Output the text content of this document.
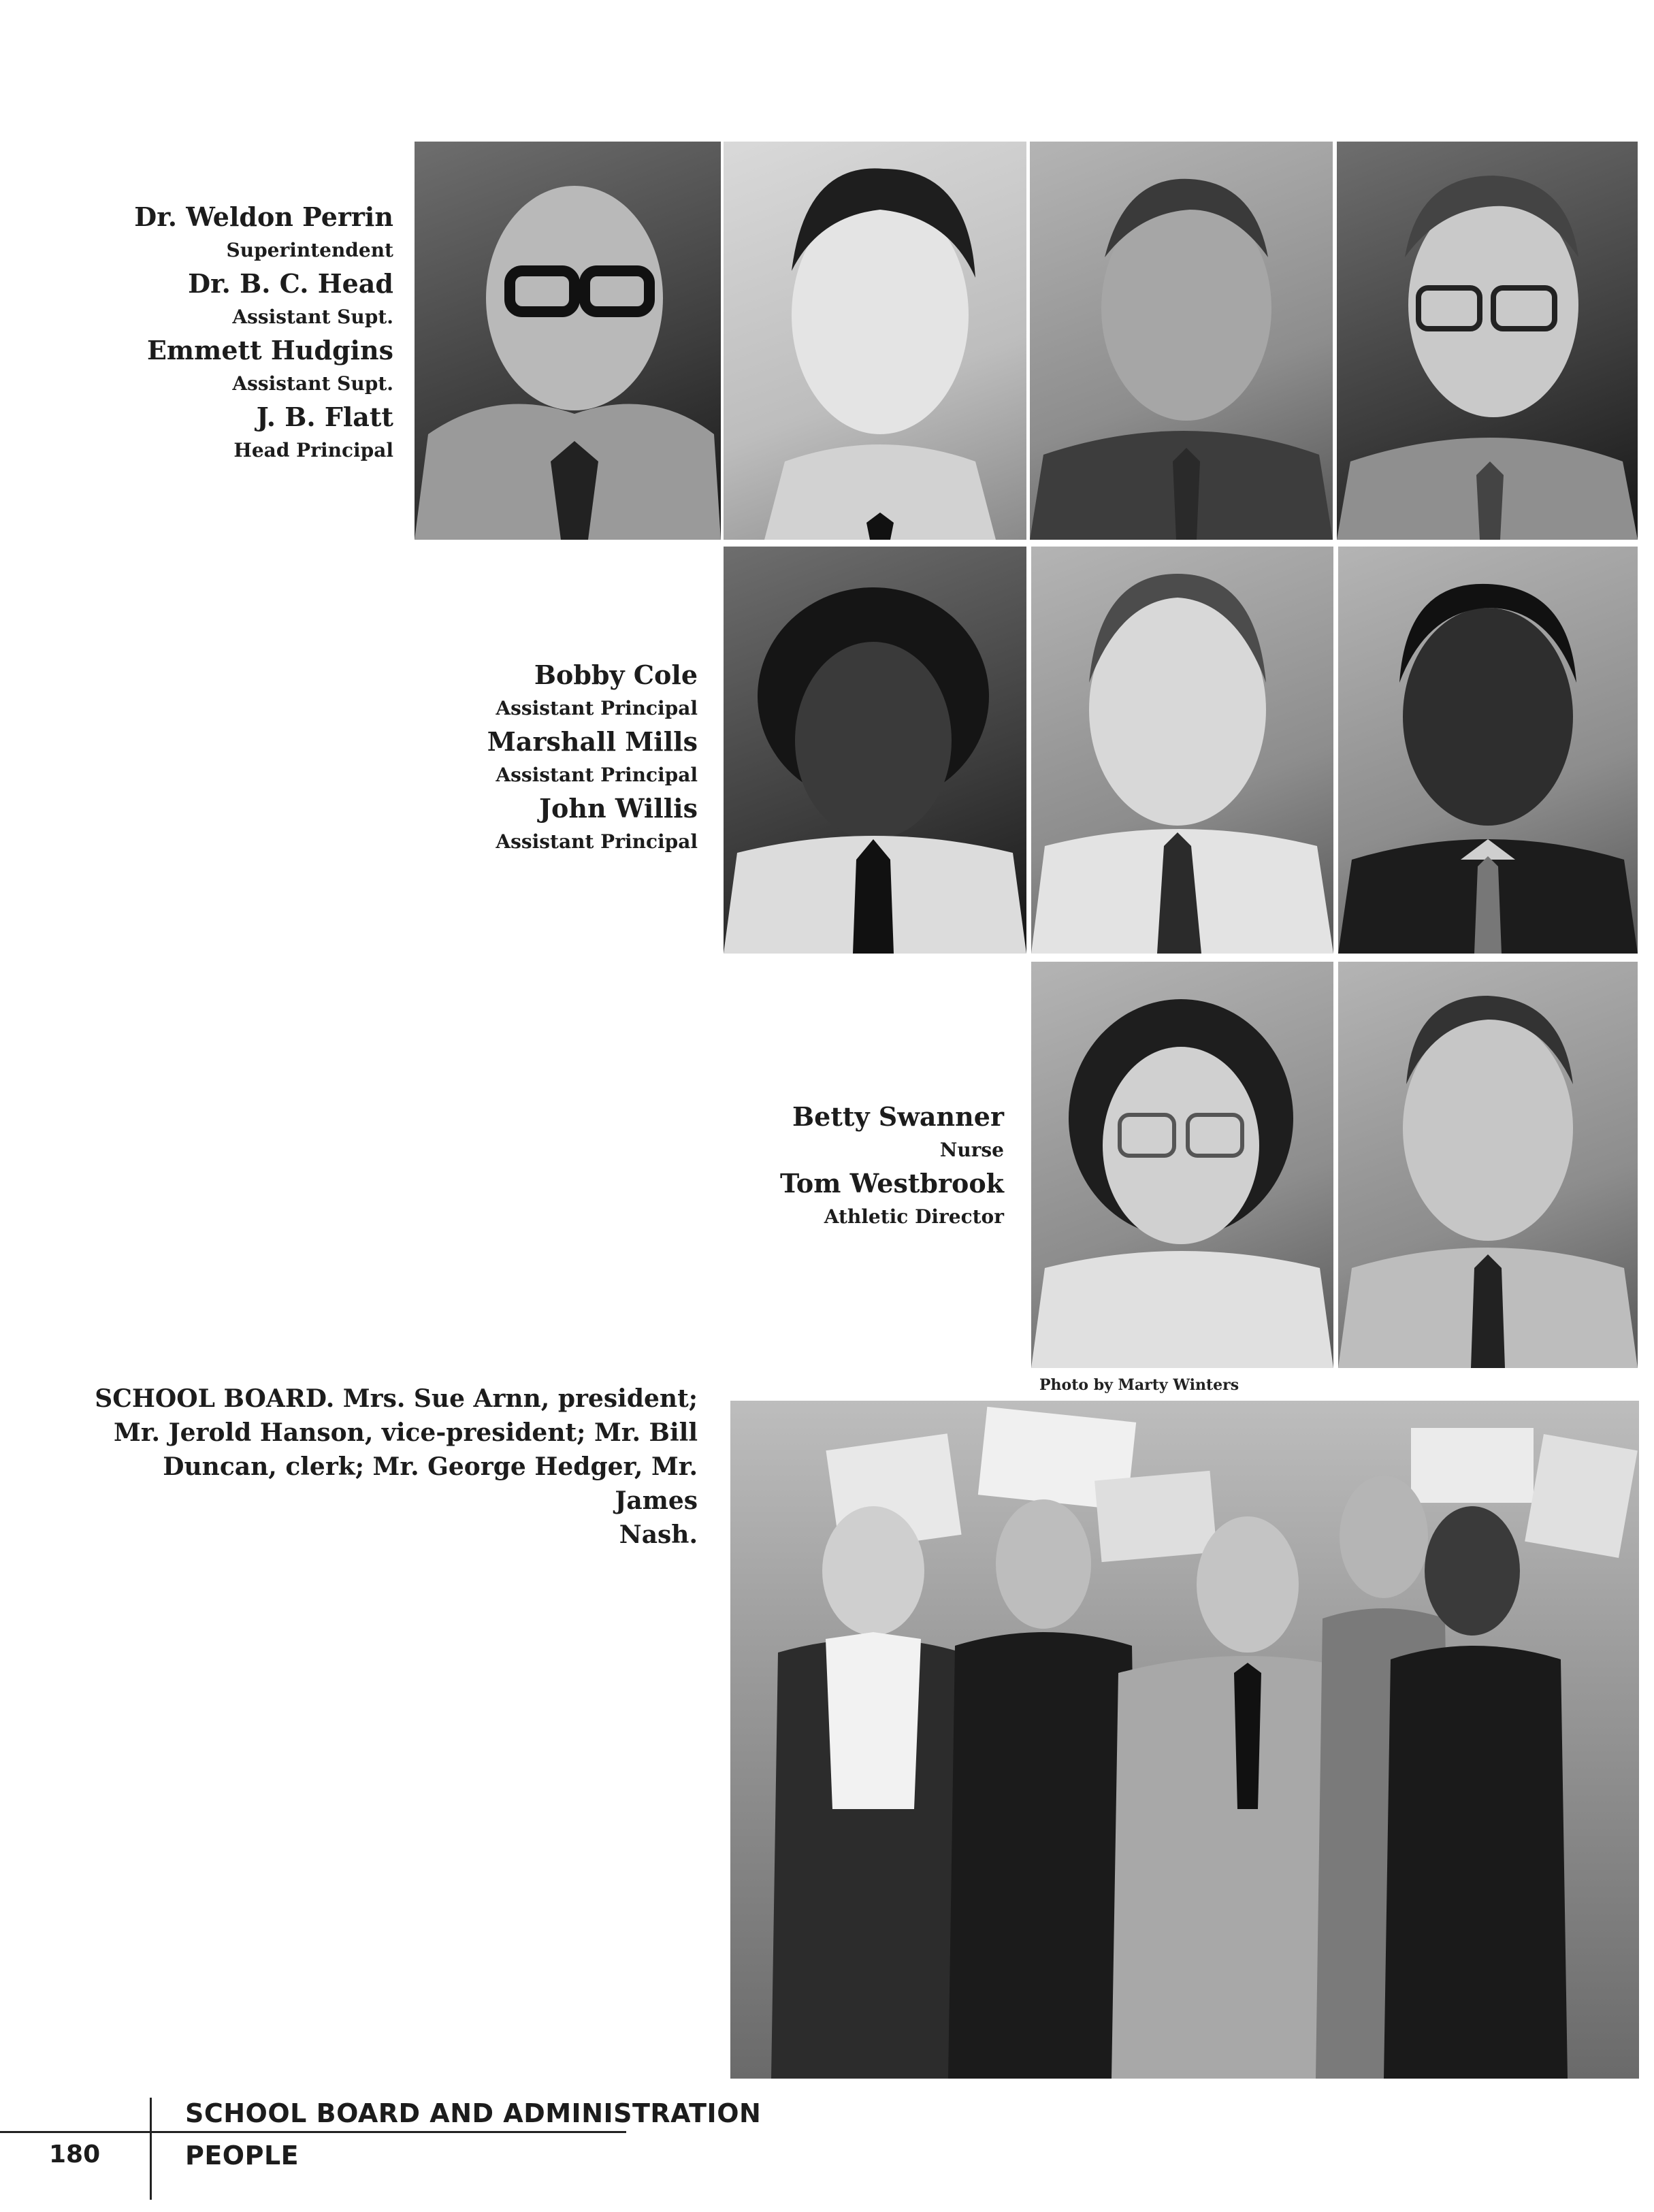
Dr. Weldon Perrin
Superintendent
Dr. B. C. Head
Assistant Supt.
Emmett Hudgins
Assistant Supt.
J. B. Flatt
Head Principal
Bobby Cole
Assistant Principal
Marshall Mills
Assistant Principal
John Willis
Assistant Principal
Betty Swanner
Nurse
Tom Westbrook
Athletic Director
Photo by Marty Winters
SCHOOL BOARD. Mrs. Sue Arnn, president;
Mr. Jerold Hanson, vice-president; Mr. Bill
Duncan, clerk; Mr. George Hedger, Mr. James
Nash.
SCHOOL BOARD AND ADMINISTRATION
PEOPLE
180
